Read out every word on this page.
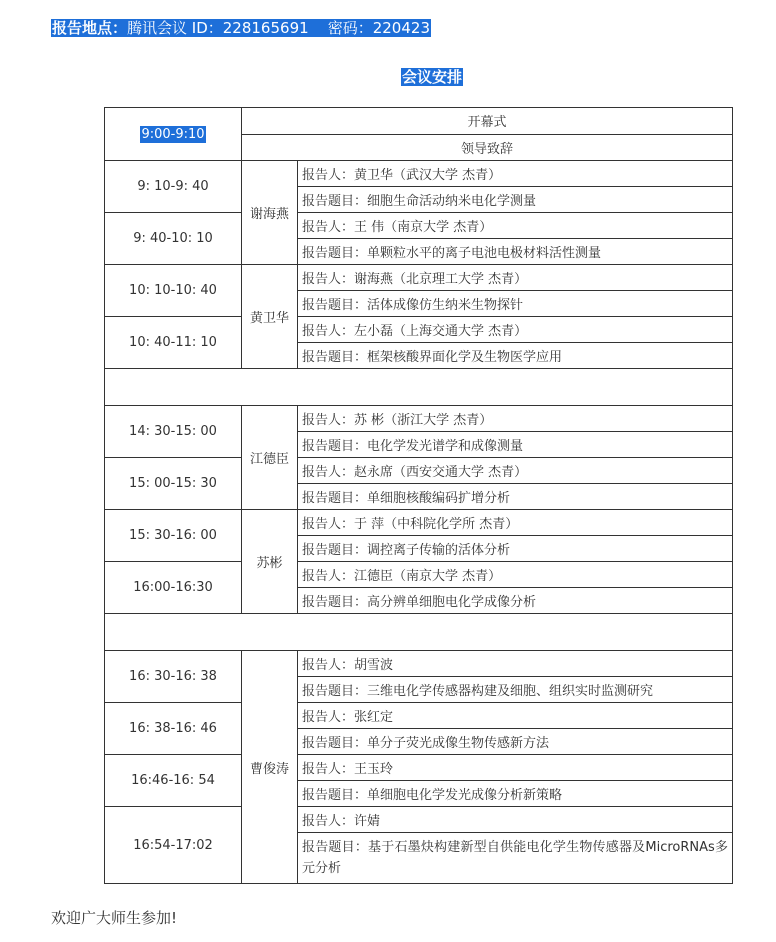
报告地点：腾讯会议 ID：228165691    密码：220423
会议安排
9:00-9:10	开幕式	
	领导致辞	
9: 10-9: 40	谢海燕	报告人：黄卫华（武汉大学 杰青）
		报告题目：细胞生命活动纳米电化学测量
9: 40-10: 10		报告人：王 伟（南京大学 杰青）
		报告题目：单颗粒水平的离子电池电极材料活性测量
10: 10-10: 40	黄卫华	报告人：谢海燕（北京理工大学 杰青）
		报告题目：活体成像仿生纳米生物探针
10: 40-11: 10		报告人：左小磊（上海交通大学 杰青）
		报告题目：框架核酸界面化学及生物医学应用

14: 30-15: 00	江德臣	报告人：苏 彬（浙江大学 杰青）
		报告题目：电化学发光谱学和成像测量
15: 00-15: 30		报告人：赵永席（西安交通大学 杰青）
		报告题目：单细胞核酸编码扩增分析
15: 30-16: 00	苏彬	报告人：于 萍（中科院化学所 杰青）
		报告题目：调控离子传输的活体分析
16:00-16:30		报告人：江德臣（南京大学 杰青）
		报告题目：高分辨单细胞电化学成像分析

16: 30-16: 38	曹俊涛	报告人：胡雪波
		报告题目：三维电化学传感器构建及细胞、组织实时监测研究
16: 38-16: 46		报告人：张红定
		报告题目：单分子荧光成像生物传感新方法
16:46-16: 54		报告人：王玉玲
		报告题目：单细胞电化学发光成像分析新策略
16:54-17:02		报告人：许婧
		报告题目：基于石墨炔构建新型自供能电化学生物传感器及MicroRNAs多元分析
欢迎广大师生参加!
